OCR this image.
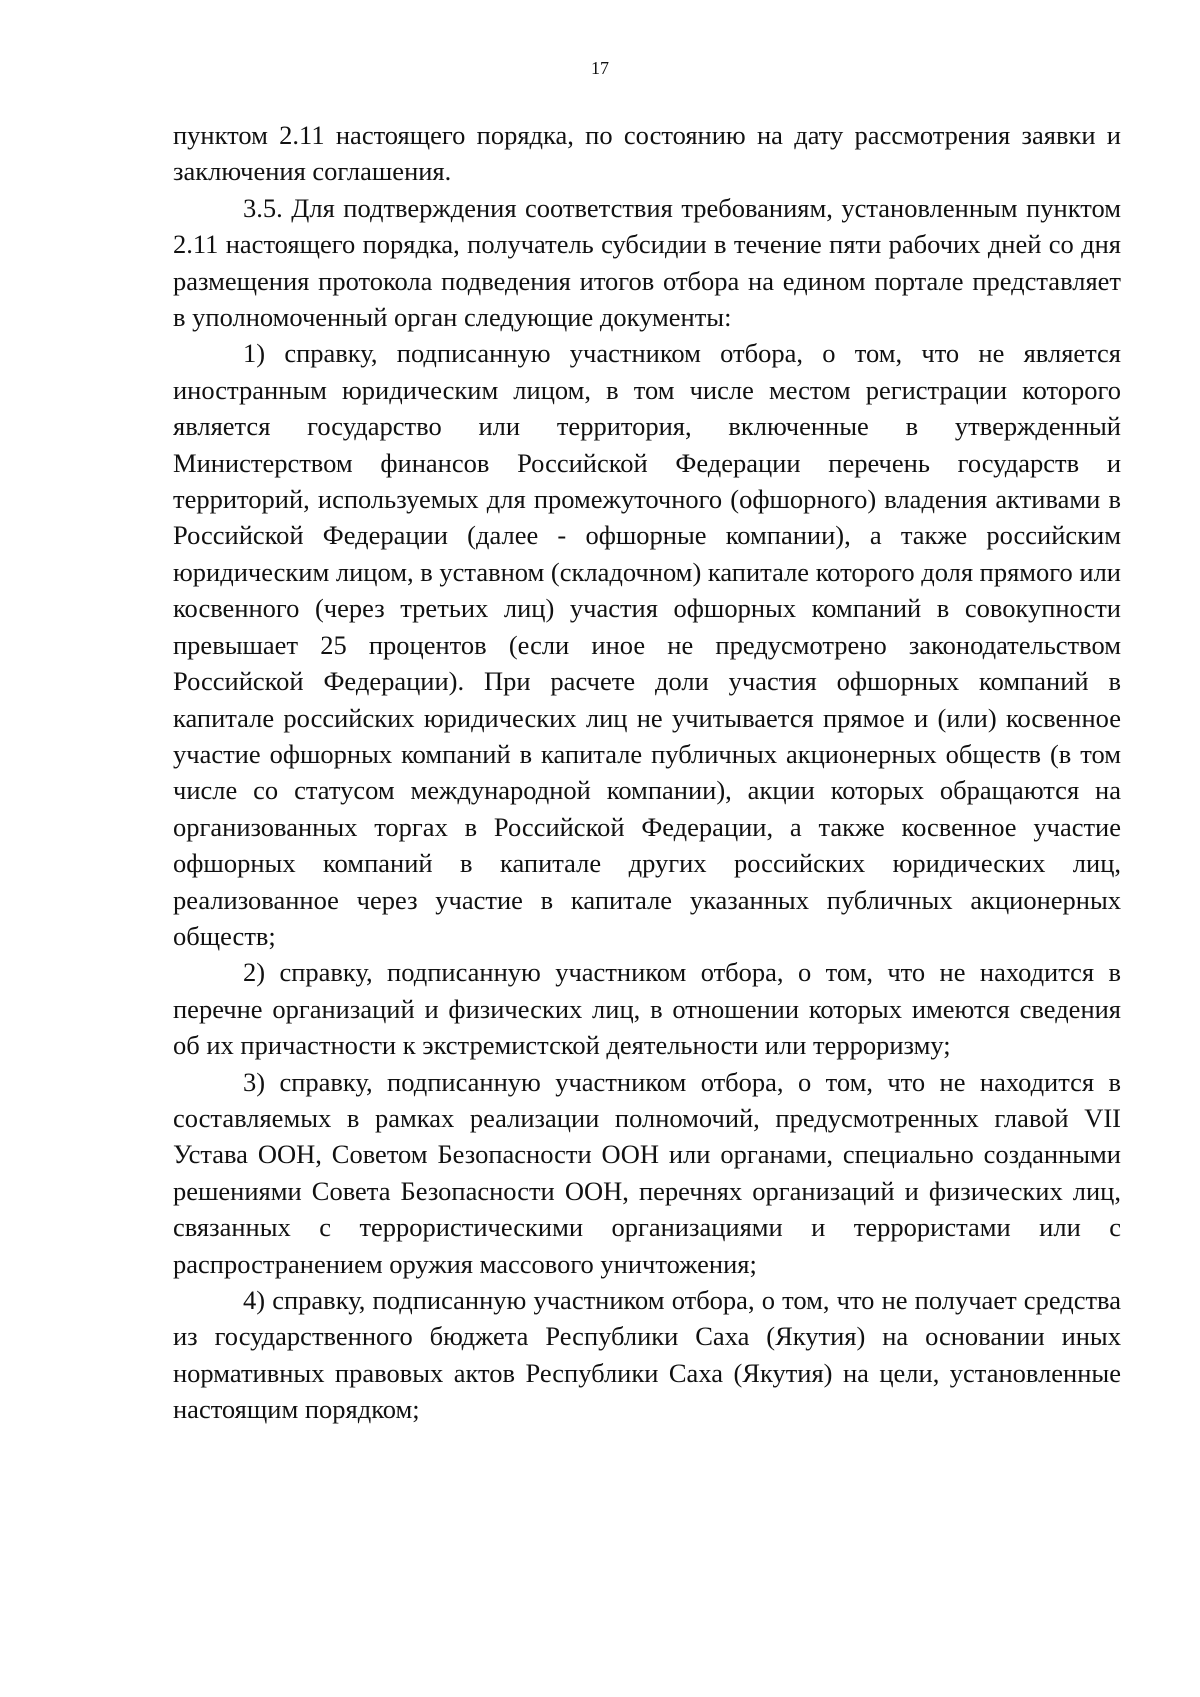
17

пунктом 2.11 настоящего порядка, по состоянию на дату рассмотрения заявки и заключения соглашения.

3.5. Для подтверждения соответствия требованиям, установленным пунктом 2.11 настоящего порядка, получатель субсидии в течение пяти рабочих дней со дня размещения протокола подведения итогов отбора на едином портале представляет в уполномоченный орган следующие документы:

1) справку, подписанную участником отбора, о том, что не является иностранным юридическим лицом, в том числе местом регистрации которого является государство или территория, включенные в утвержденный Министерством финансов Российской Федерации перечень государств и территорий, используемых для промежуточного (офшорного) владения активами в Российской Федерации (далее - офшорные компании), а также российским юридическим лицом, в уставном (складочном) капитале которого доля прямого или косвенного (через третьих лиц) участия офшорных компаний в совокупности превышает 25 процентов (если иное не предусмотрено законодательством Российской Федерации). При расчете доли участия офшорных компаний в капитале российских юридических лиц не учитывается прямое и (или) косвенное участие офшорных компаний в капитале публичных акционерных обществ (в том числе со статусом международной компании), акции которых обращаются на организованных торгах в Российской Федерации, а также косвенное участие офшорных компаний в капитале других российских юридических лиц, реализованное через участие в капитале указанных публичных акционерных обществ;

2) справку, подписанную участником отбора, о том, что не находится в перечне организаций и физических лиц, в отношении которых имеются сведения об их причастности к экстремистской деятельности или терроризму;

3) справку, подписанную участником отбора, о том, что не находится в составляемых в рамках реализации полномочий, предусмотренных главой VII Устава ООН, Советом Безопасности ООН или органами, специально созданными решениями Совета Безопасности ООН, перечнях организаций и физических лиц, связанных с террористическими организациями и террористами или с распространением оружия массового уничтожения;

4) справку, подписанную участником отбора, о том, что не получает средства из государственного бюджета Республики Саха (Якутия) на основании иных нормативных правовых актов Республики Саха (Якутия) на цели, установленные настоящим порядком;
